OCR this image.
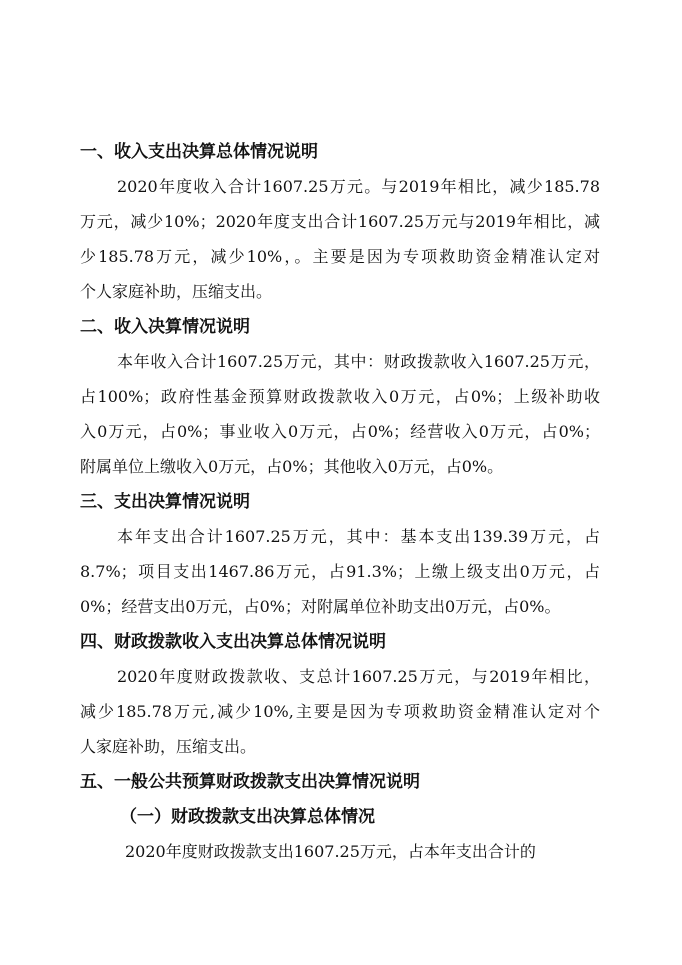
一、收入支出决算总体情况说明
2020年度收入合计1607.25万元。与2019年相比，减少185.78
万元，减少10%；2020年度支出合计1607.25万元与2019年相比，减
少185.78万元，减少10%，。主要是因为专项救助资金精准认定对
个人家庭补助，压缩支出。
二、收入决算情况说明
本年收入合计1607.25万元，其中：财政拨款收入1607.25万元，
占100%；政府性基金预算财政拨款收入0万元，占0%；上级补助收
入0万元，占0%；事业收入0万元，占0%；经营收入0万元，占0%；
附属单位上缴收入0万元，占0%；其他收入0万元，占0%。
三、支出决算情况说明
本年支出合计1607.25万元，其中：基本支出139.39万元，占
8.7%；项目支出1467.86万元，占91.3%；上缴上级支出0万元，占
0%；经营支出0万元，占0%；对附属单位补助支出0万元，占0%。
四、财政拨款收入支出决算总体情况说明
2020年度财政拨款收、支总计1607.25万元，与2019年相比，
减少185.78万元,减少10%,主要是因为专项救助资金精准认定对个
人家庭补助，压缩支出。
五、一般公共预算财政拨款支出决算情况说明
（一）财政拨款支出决算总体情况
2020年度财政拨款支出1607.25万元，占本年支出合计的
